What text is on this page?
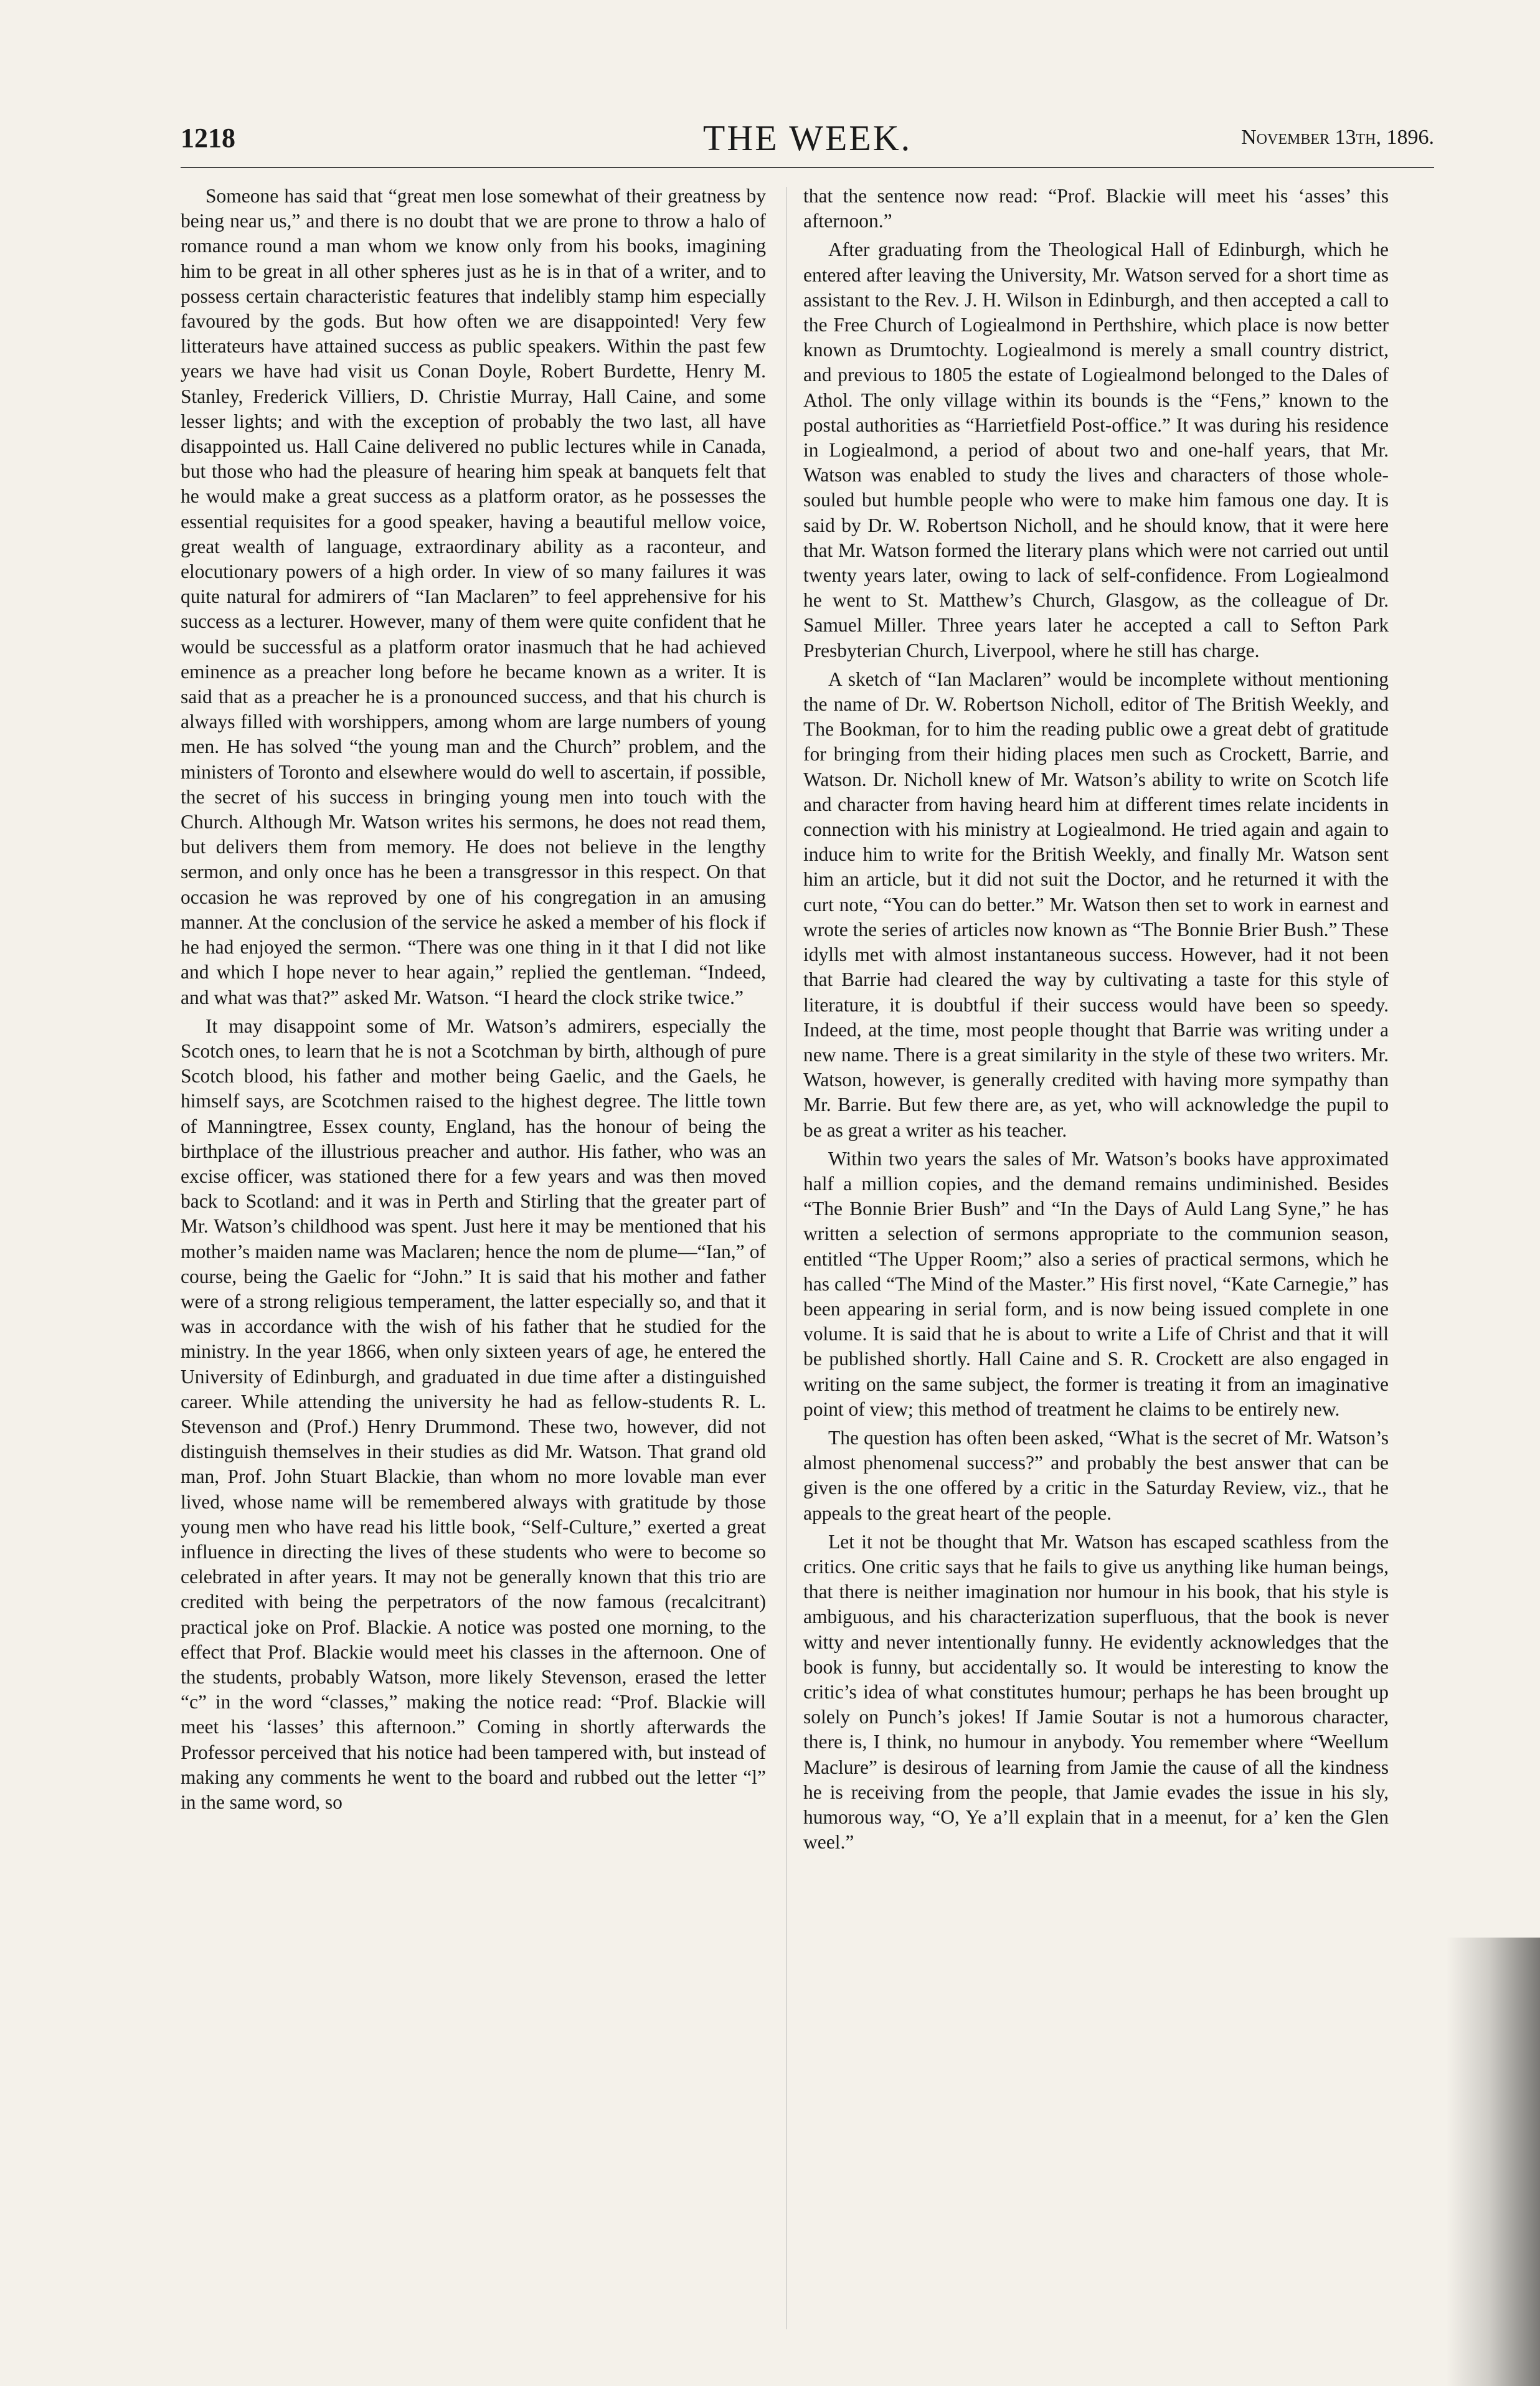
1218	THE WEEK.	November 13th, 1896.

Someone has said that “great men lose somewhat of their greatness by being near us,” and there is no doubt that we are prone to throw a halo of romance round a man whom we know only from his books, imagining him to be great in all other spheres just as he is in that of a writer, and to possess certain characteristic features that indelibly stamp him especially favoured by the gods. But how often we are disappointed! Very few litterateurs have attained success as public speakers. Within the past few years we have had visit us Conan Doyle, Robert Burdette, Henry M. Stanley, Frederick Villiers, D. Christie Murray, Hall Caine, and some lesser lights; and with the exception of probably the two last, all have disappointed us. Hall Caine delivered no public lectures while in Canada, but those who had the pleasure of hearing him speak at banquets felt that he would make a great success as a platform orator, as he possesses the essential requisites for a good speaker, having a beautiful mellow voice, great wealth of language, extraordinary ability as a raconteur, and elocutionary powers of a high order. In view of so many failures it was quite natural for admirers of “Ian Maclaren” to feel apprehensive for his success as a lecturer. However, many of them were quite confident that he would be successful as a platform orator inasmuch that he had achieved eminence as a preacher long before he became known as a writer. It is said that as a preacher he is a pronounced success, and that his church is always filled with worshippers, among whom are large numbers of young men. He has solved “the young man and the Church” problem, and the ministers of Toronto and elsewhere would do well to ascertain, if possible, the secret of his success in bringing young men into touch with the Church. Although Mr. Watson writes his sermons, he does not read them, but delivers them from memory. He does not believe in the lengthy sermon, and only once has he been a transgressor in this respect. On that occasion he was reproved by one of his congregation in an amusing manner. At the conclusion of the service he asked a member of his flock if he had enjoyed the sermon. “There was one thing in it that I did not like and which I hope never to hear again,” replied the gentleman. “Indeed, and what was that?” asked Mr. Watson. “I heard the clock strike twice.”

It may disappoint some of Mr. Watson’s admirers, especially the Scotch ones, to learn that he is not a Scotchman by birth, although of pure Scotch blood, his father and mother being Gaelic, and the Gaels, he himself says, are Scotchmen raised to the highest degree. The little town of Manningtree, Essex county, England, has the honour of being the birthplace of the illustrious preacher and author. His father, who was an excise officer, was stationed there for a few years and was then moved back to Scotland: and it was in Perth and Stirling that the greater part of Mr. Watson’s childhood was spent. Just here it may be mentioned that his mother’s maiden name was Maclaren; hence the nom de plume—“Ian,” of course, being the Gaelic for “John.” It is said that his mother and father were of a strong religious temperament, the latter especially so, and that it was in accordance with the wish of his father that he studied for the ministry. In the year 1866, when only sixteen years of age, he entered the University of Edinburgh, and graduated in due time after a distinguished career. While attending the university he had as fellow-students R. L. Stevenson and (Prof.) Henry Drummond. These two, however, did not distinguish themselves in their studies as did Mr. Watson. That grand old man, Prof. John Stuart Blackie, than whom no more lovable man ever lived, whose name will be remembered always with gratitude by those young men who have read his little book, “Self-Culture,” exerted a great influence in directing the lives of these students who were to become so celebrated in after years. It may not be generally known that this trio are credited with being the perpetrators of the now famous (recalcitrant) practical joke on Prof. Blackie. A notice was posted one morning, to the effect that Prof. Blackie would meet his classes in the afternoon. One of the students, probably Watson, more likely Stevenson, erased the letter “c” in the word “classes,” making the notice read: “Prof. Blackie will meet his ‘lasses’ this afternoon.” Coming in shortly afterwards the Professor perceived that his notice had been tampered with, but instead of making any comments he went to the board and rubbed out the letter “l” in the same word, so

that the sentence now read: “Prof. Blackie will meet his ‘asses’ this afternoon.”

After graduating from the Theological Hall of Edinburgh, which he entered after leaving the University, Mr. Watson served for a short time as assistant to the Rev. J. H. Wilson in Edinburgh, and then accepted a call to the Free Church of Logiealmond in Perthshire, which place is now better known as Drumtochty. Logiealmond is merely a small country district, and previous to 1805 the estate of Logiealmond belonged to the Dales of Athol. The only village within its bounds is the “Fens,” known to the postal authorities as “Harrietfield Post-office.” It was during his residence in Logiealmond, a period of about two and one-half years, that Mr. Watson was enabled to study the lives and characters of those whole-souled but humble people who were to make him famous one day. It is said by Dr. W. Robertson Nicholl, and he should know, that it were here that Mr. Watson formed the literary plans which were not carried out until twenty years later, owing to lack of self-confidence. From Logiealmond he went to St. Matthew’s Church, Glasgow, as the colleague of Dr. Samuel Miller. Three years later he accepted a call to Sefton Park Presbyterian Church, Liverpool, where he still has charge.

A sketch of “Ian Maclaren” would be incomplete without mentioning the name of Dr. W. Robertson Nicholl, editor of The British Weekly, and The Bookman, for to him the reading public owe a great debt of gratitude for bringing from their hiding places men such as Crockett, Barrie, and Watson. Dr. Nicholl knew of Mr. Watson’s ability to write on Scotch life and character from having heard him at different times relate incidents in connection with his ministry at Logiealmond. He tried again and again to induce him to write for the British Weekly, and finally Mr. Watson sent him an article, but it did not suit the Doctor, and he returned it with the curt note, “You can do better.” Mr. Watson then set to work in earnest and wrote the series of articles now known as “The Bonnie Brier Bush.” These idylls met with almost instantaneous success. However, had it not been that Barrie had cleared the way by cultivating a taste for this style of literature, it is doubtful if their success would have been so speedy. Indeed, at the time, most people thought that Barrie was writing under a new name. There is a great similarity in the style of these two writers. Mr. Watson, however, is generally credited with having more sympathy than Mr. Barrie. But few there are, as yet, who will acknowledge the pupil to be as great a writer as his teacher.

Within two years the sales of Mr. Watson’s books have approximated half a million copies, and the demand remains undiminished. Besides “The Bonnie Brier Bush” and “In the Days of Auld Lang Syne,” he has written a selection of sermons appropriate to the communion season, entitled “The Upper Room;” also a series of practical sermons, which he has called “The Mind of the Master.” His first novel, “Kate Carnegie,” has been appearing in serial form, and is now being issued complete in one volume. It is said that he is about to write a Life of Christ and that it will be published shortly. Hall Caine and S. R. Crockett are also engaged in writing on the same subject, the former is treating it from an imaginative point of view; this method of treatment he claims to be entirely new.

The question has often been asked, “What is the secret of Mr. Watson’s almost phenomenal success?” and probably the best answer that can be given is the one offered by a critic in the Saturday Review, viz., that he appeals to the great heart of the people.

Let it not be thought that Mr. Watson has escaped scathless from the critics. One critic says that he fails to give us anything like human beings, that there is neither imagination nor humour in his book, that his style is ambiguous, and his characterization superfluous, that the book is never witty and never intentionally funny. He evidently acknowledges that the book is funny, but accidentally so. It would be interesting to know the critic’s idea of what constitutes humour; perhaps he has been brought up solely on Punch’s jokes! If Jamie Soutar is not a humorous character, there is, I think, no humour in anybody. You remember where “Weellum Maclure” is desirous of learning from Jamie the cause of all the kindness he is receiving from the people, that Jamie evades the issue in his sly, humorous way, “O, Ye a’ll explain that in a meenut, for a’ ken the Glen weel.”
